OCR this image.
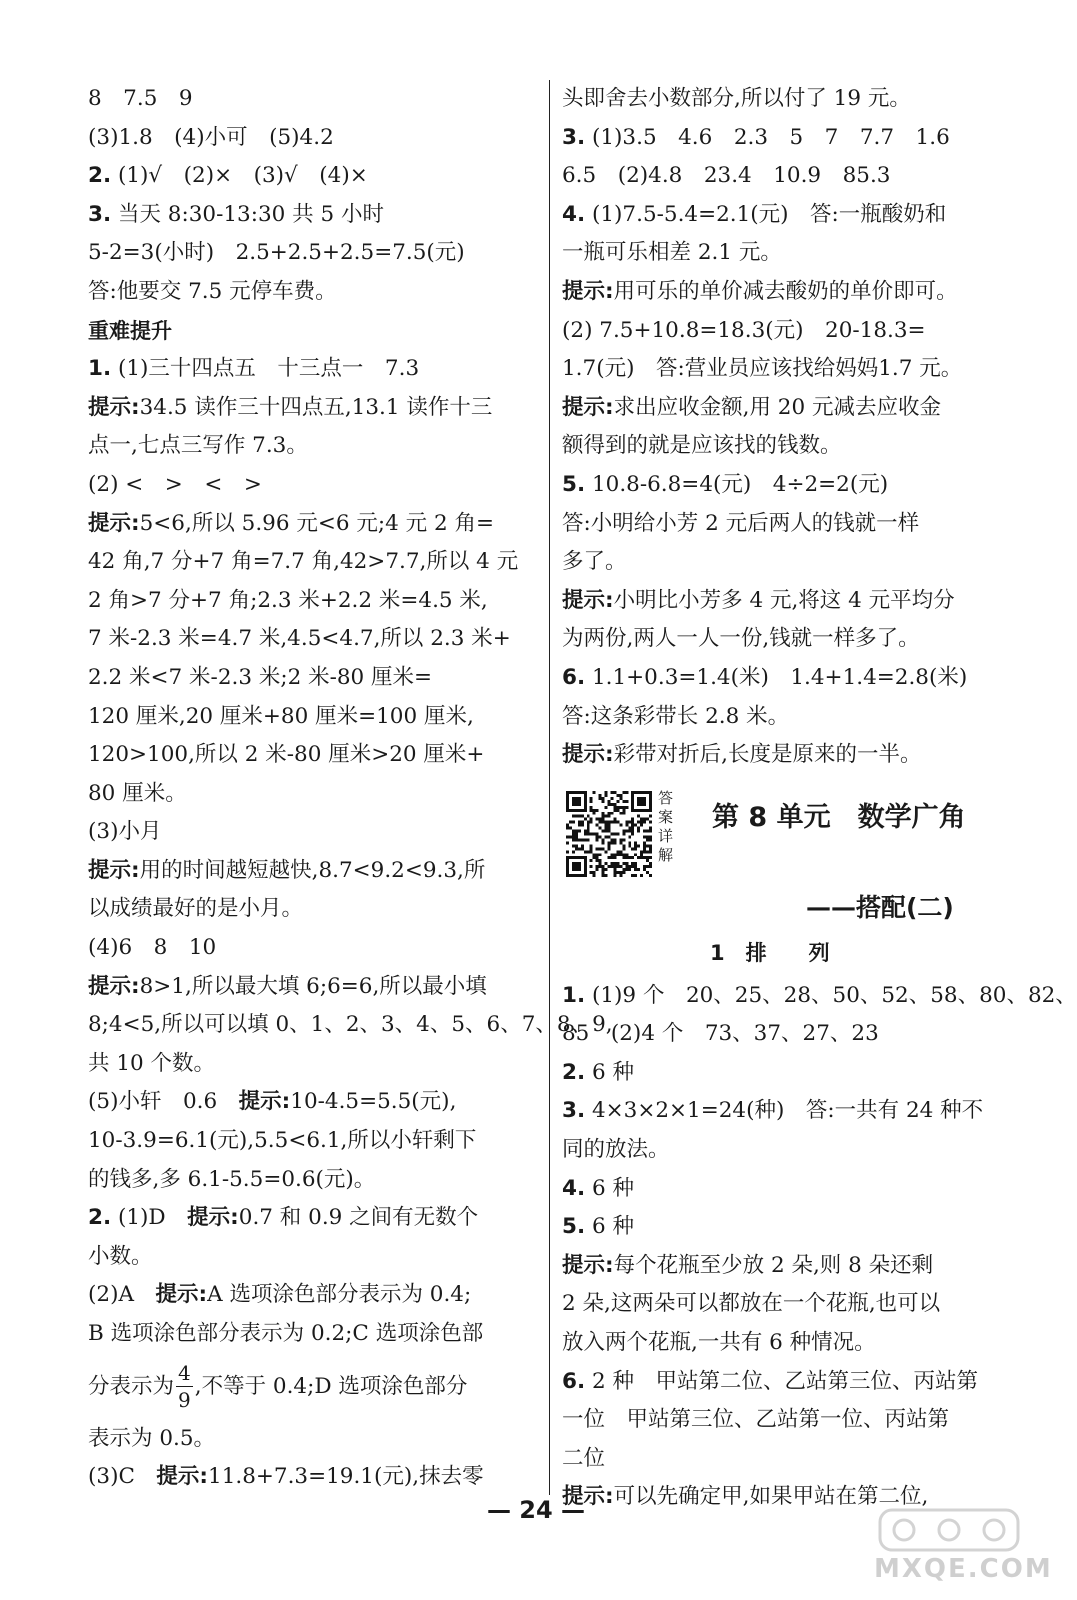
8　7.5　9
(3)1.8　(4)小可　(5)4.2
2. (1)√　(2)×　(3)√　(4)×
3. 当天 8:30-13:30 共 5 小时
5-2=3(小时)　2.5+2.5+2.5=7.5(元)
答:他要交 7.5 元停车费。
重难提升
1. (1)三十四点五　十三点一　7.3
提示:34.5 读作三十四点五,13.1 读作十三
点一,七点三写作 7.3。
(2) <　>　<　>
提示:5<6,所以 5.96 元<6 元;4 元 2 角=
42 角,7 分+7 角=7.7 角,42>7.7,所以 4 元
2 角>7 分+7 角;2.3 米+2.2 米=4.5 米,
7 米-2.3 米=4.7 米,4.5<4.7,所以 2.3 米+
2.2 米<7 米-2.3 米;2 米-80 厘米=
120 厘米,20 厘米+80 厘米=100 厘米,
120>100,所以 2 米-80 厘米>20 厘米+
80 厘米。
(3)小月
提示:用的时间越短越快,8.7<9.2<9.3,所
以成绩最好的是小月。
(4)6　8　10
提示:8>1,所以最大填 6;6=6,所以最小填
8;4<5,所以可以填 0、1、2、3、4、5、6、7、8、9,
共 10 个数。
(5)小轩　0.6　提示:10-4.5=5.5(元),
10-3.9=6.1(元),5.5<6.1,所以小轩剩下
的钱多,多 6.1-5.5=0.6(元)。
2. (1)D　提示:0.7 和 0.9 之间有无数个
小数。
(2)A　提示:A 选项涂色部分表示为 0.4;
B 选项涂色部分表示为 0.2;C 选项涂色部
分表示为 $\frac{4}{9}$ ,不等于 0.4;D 选项涂色部分
表示为 0.5。
(3)C　提示:11.8+7.3=19.1(元),抹去零
头即舍去小数部分,所以付了 19 元。
3. (1)3.5　4.6　2.3　5　7　7.7　1.6
6.5　(2)4.8　23.4　10.9　85.3
4. (1)7.5-5.4=2.1(元)　答:一瓶酸奶和
一瓶可乐相差 2.1 元。
提示:用可乐的单价减去酸奶的单价即可。
(2) 7.5+10.8=18.3(元)　20-18.3=
1.7(元)　答:营业员应该找给妈妈1.7 元。
提示:求出应收金额,用 20 元减去应收金
额得到的就是应该找的钱数。
5. 10.8-6.8=4(元)　4÷2=2(元)
答:小明给小芳 2 元后两人的钱就一样
多了。
提示:小明比小芳多 4 元,将这 4 元平均分
为两份,两人一人一份,钱就一样多了。
6. 1.1+0.3=1.4(米)　1.4+1.4=2.8(米)
答:这条彩带长 2.8 米。
提示:彩带对折后,长度是原来的一半。
答案详解
第 8 单元　数学广角
——搭配(二)
1　排　　列
1. (1)9 个　20、25、28、50、52、58、80、82、
85　(2)4 个　73、37、27、23
2. 6 种
3. 4×3×2×1=24(种)　答:一共有 24 种不
同的放法。
4. 6 种
5. 6 种
提示:每个花瓶至少放 2 朵,则 8 朵还剩
2 朵,这两朵可以都放在一个花瓶,也可以
放入两个花瓶,一共有 6 种情况。
6. 2 种　甲站第二位、乙站第三位、丙站第
一位　甲站第三位、乙站第一位、丙站第
二位
提示:可以先确定甲,如果甲站在第二位,
— 24 —
MXQE.COM
